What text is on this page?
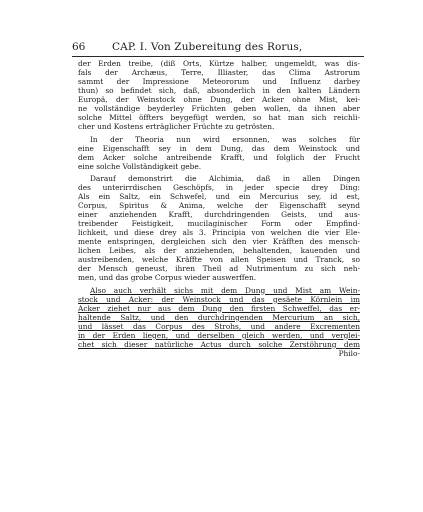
66	CAP. I. Von Zubereitung des Rorus,
der Erden treibe, (diß Orts, Kürtze halber, ungemeldt, was dis-
fals der Archæus, Terre, Illiaster, das Clima Astrorum
sammt der Impressione Meteororum und Influenz darbey
thun) so befindet sich, daß, absonderlich in den kalten Ländern
Europä, der Weinstock ohne Dung, der Acker ohne Mist, kei-
ne vollständige beyderley Früchten geben wollen, da ihnen aber
solche Mittel öffters beygefügt werden, so hat man sich reichli-
cher und Kostens erträglicher Früchte zu getrösten.
In der Theoria nun wird ersonnen, was solches für
eine Eigenschafft sey in dem Dung, das dem Weinstock und
dem Acker solche antreibende Krafft, und folglich der Frucht
eine solche Vollständigkeit gebe.
Darauf demonstrirt die Alchimia, daß in allen Dingen
des unterirrdischen Geschöpfs, in jeder specie drey Ding:
Als ein Saltz, ein Schwefel, und ein Mercurius sey, id est,
Corpus, Spiritus & Anima, welche der Eigenschafft seynd
einer anziehenden Krafft, durchdringenden Geists, und aus-
treibender Feistigkeit, mucilaginischer Form oder Empfind-
lichkeit, und diese drey als 3. Principia von welchen die vier Ele-
mente entspringen, dergleichen sich den vier Kräfften des mensch-
lichen Leibes, als der anziehenden, behaltenden, kauenden und
austreibenden, welche Kräffte von allen Speisen und Tranck, so
der Mensch geneust, ihren Theil ad Nutrimentum zu sich neh-
men, und das grobe Corpus wieder auswerffen.
Also auch verhält sichs mit dem Dung und Mist am Wein-
stock und Acker: der Weinstock und das gesäete Körnlein im
Acker ziehet nur aus dem Dung den firsten Schweffel, das er-
haltende Saltz, und den durchdringenden Mercurium an sich,
und lässet das Corpus des Strohs, und andere Excrementen
in der Erden liegen, und derselben gleich werden, und verglei-
chet sich dieser natürliche Actus durch solche Zerstöhrung dem
Philo-
